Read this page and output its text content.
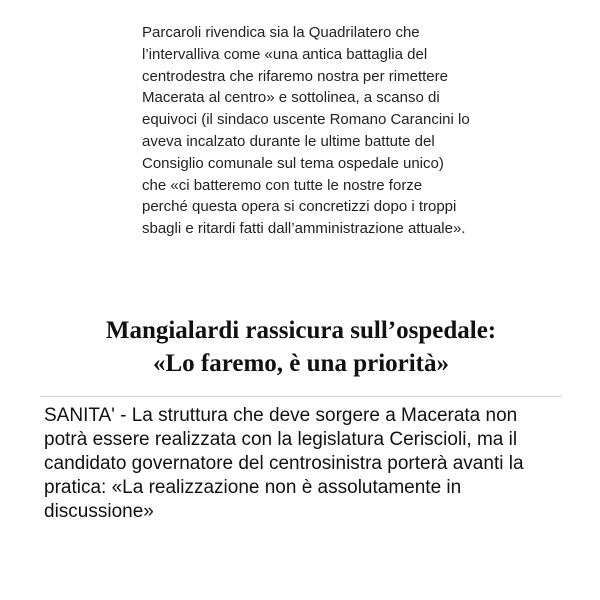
Parcaroli rivendica sia la Quadrilatero che l’intervalliva come «una antica battaglia del centrodestra che rifaremo nostra per rimettere Macerata al centro» e sottolinea, a scanso di equivoci (il sindaco uscente Romano Carancini lo aveva incalzato durante le ultime battute del Consiglio comunale sul tema ospedale unico) che «ci batteremo con tutte le nostre forze perché questa opera si concretizzi dopo i troppi sbagli e ritardi fatti dall’amministrazione attuale».

Mangialardi rassicura sull’ospedale:
«Lo faremo, è una priorità»

SANITA' - La struttura che deve sorgere a Macerata non potrà essere realizzata con la legislatura Ceriscioli, ma il candidato governatore del centrosinistra porterà avanti la pratica: «La realizzazione non è assolutamente in discussione»
